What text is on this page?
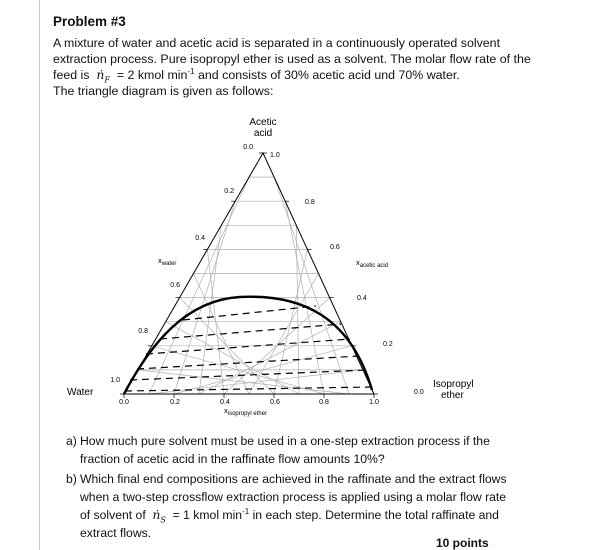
Problem #3
A mixture of water and acetic acid is separated in a continuously operated solvent
extraction process. Pure isopropyl ether is used as a solvent. The molar flow rate of the
feed is $n_F = 2$ kmol $\min^{-1}$ and consists of 30% acetic acid und 70% water.
The triangle diagram is given as follows:
Acetic
acid
Water
Isopropyl
ether
$x_{water}$	$x_{acetic acid}$
$x_{isopropyl ether}$
0.0	0.2	0.4	0.6	0.8	1.0
1.0
0.8
0.6
0.4
0.2
0.0
0.0
0.2
0.4
0.6
0.8
1.0
a) How much pure solvent must be used in a one-step extraction process if the
fraction of acetic acid in the raffinate flow amounts 10%?
b) Which final end compositions are achieved in the raffinate and the extract flows
when a two-step crossflow extraction process is applied using a molar flow rate
of solvent of $n_S = 1$ kmol $\min^{-1}$ in each step. Determine the total raffinate and
extract flows.
10 points
